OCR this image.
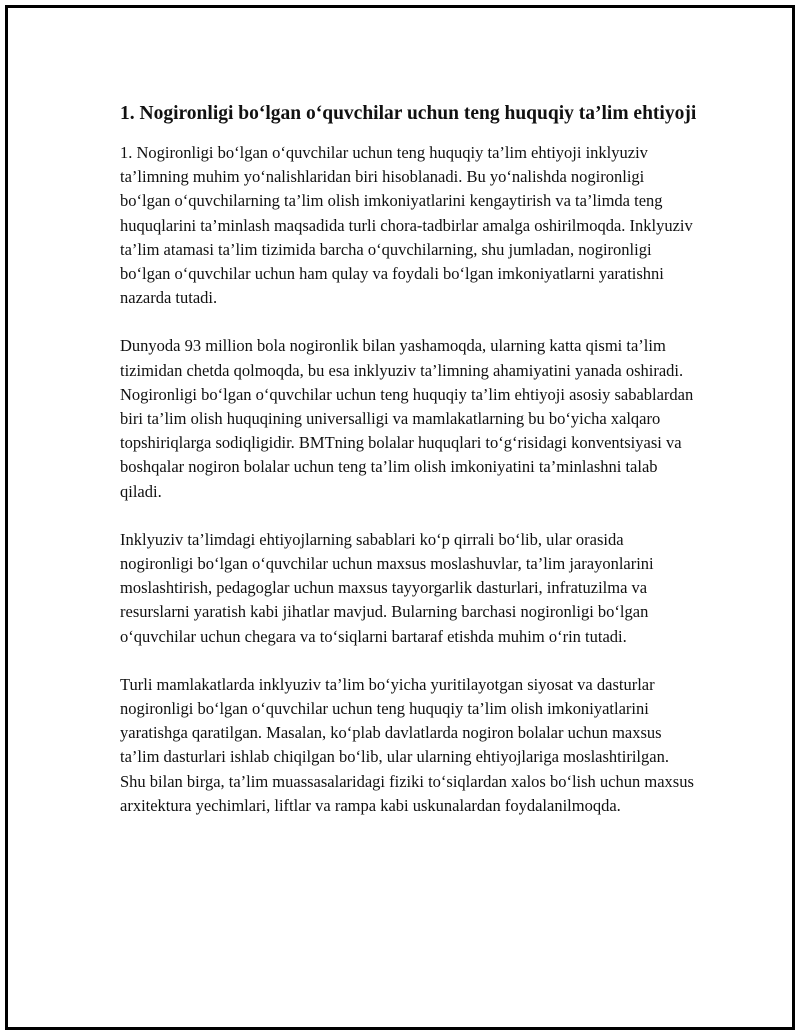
1. Nogironligi bo‘lgan o‘quvchilar uchun teng huquqiy ta’lim ehtiyoji

1. Nogironligi bo‘lgan o‘quvchilar uchun teng huquqiy ta’lim ehtiyoji inklyuziv ta’limning muhim yo‘nalishlaridan biri hisoblanadi. Bu yo‘nalishda nogironligi bo‘lgan o‘quvchilarning ta’lim olish imkoniyatlarini kengaytirish va ta’limda teng huquqlarini ta’minlash maqsadida turli chora-tadbirlar amalga oshirilmoqda. Inklyuziv ta’lim atamasi ta’lim tizimida barcha o‘quvchilarning, shu jumladan, nogironligi bo‘lgan o‘quvchilar uchun ham qulay va foydali bo‘lgan imkoniyatlarni yaratishni nazarda tutadi.

Dunyoda 93 million bola nogironlik bilan yashamoqda, ularning katta qismi ta’lim tizimidan chetda qolmoqda, bu esa inklyuziv ta’limning ahamiyatini yanada oshiradi. Nogironligi bo‘lgan o‘quvchilar uchun teng huquqiy ta’lim ehtiyoji asosiy sabablardan biri ta’lim olish huquqining universalligi va mamlakatlarning bu bo‘yicha xalqaro topshiriqlarga sodiqligidir. BMTning bolalar huquqlari to‘g‘risidagi konventsiyasi va boshqalar nogiron bolalar uchun teng ta’lim olish imkoniyatini ta’minlashni talab qiladi.

Inklyuziv ta’limdagi ehtiyojlarning sabablari ko‘p qirrali bo‘lib, ular orasida nogironligi bo‘lgan o‘quvchilar uchun maxsus moslashuvlar, ta’lim jarayonlarini moslashtirish, pedagoglar uchun maxsus tayyorgarlik dasturlari, infratuzilma va resurslarni yaratish kabi jihatlar mavjud. Bularning barchasi nogironligi bo‘lgan o‘quvchilar uchun chegara va to‘siqlarni bartaraf etishda muhim o‘rin tutadi.

Turli mamlakatlarda inklyuziv ta’lim bo‘yicha yuritilayotgan siyosat va dasturlar nogironligi bo‘lgan o‘quvchilar uchun teng huquqiy ta’lim olish imkoniyatlarini yaratishga qaratilgan. Masalan, ko‘plab davlatlarda nogiron bolalar uchun maxsus ta’lim dasturlari ishlab chiqilgan bo‘lib, ular ularning ehtiyojlariga moslashtirilgan. Shu bilan birga, ta’lim muassasalaridagi fiziki to‘siqlardan xalos bo‘lish uchun maxsus arxitektura yechimlari, liftlar va rampa kabi uskunalardan foydalanilmoqda.
